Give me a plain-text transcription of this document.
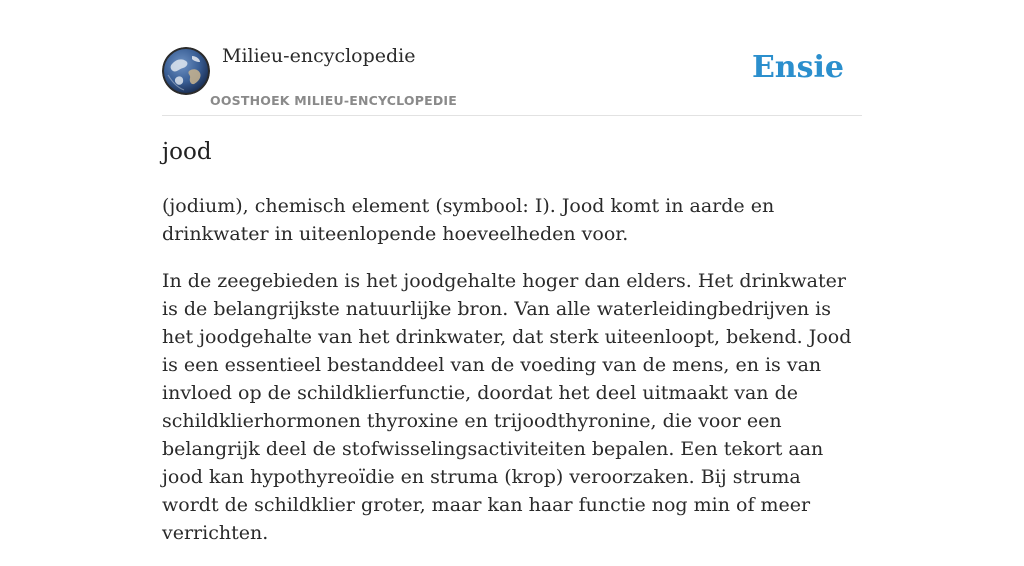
Milieu-encyclopedie
OOSTHOEK MILIEU-ENCYCLOPEDIE
Ensie
jood

(jodium), chemisch element (symbool: I). Jood komt in aarde en drinkwater in uiteenlopende hoeveelheden voor.

In de zeegebieden is het joodgehalte hoger dan elders. Het drinkwater is de belangrijkste natuurlijke bron. Van alle waterleidingbedrijven is het joodgehalte van het drinkwater, dat sterk uiteenloopt, bekend. Jood is een essentieel bestanddeel van de voeding van de mens, en is van invloed op de schildklierfunctie, doordat het deel uitmaakt van de schildklierhormonen thyroxine en trijoodthyronine, die voor een belangrijk deel de stofwisselingsactiviteiten bepalen. Een tekort aan jood kan hypothyreoïdie en struma (krop) veroorzaken. Bij struma wordt de schildklier groter, maar kan haar functie nog min of meer verrichten.
